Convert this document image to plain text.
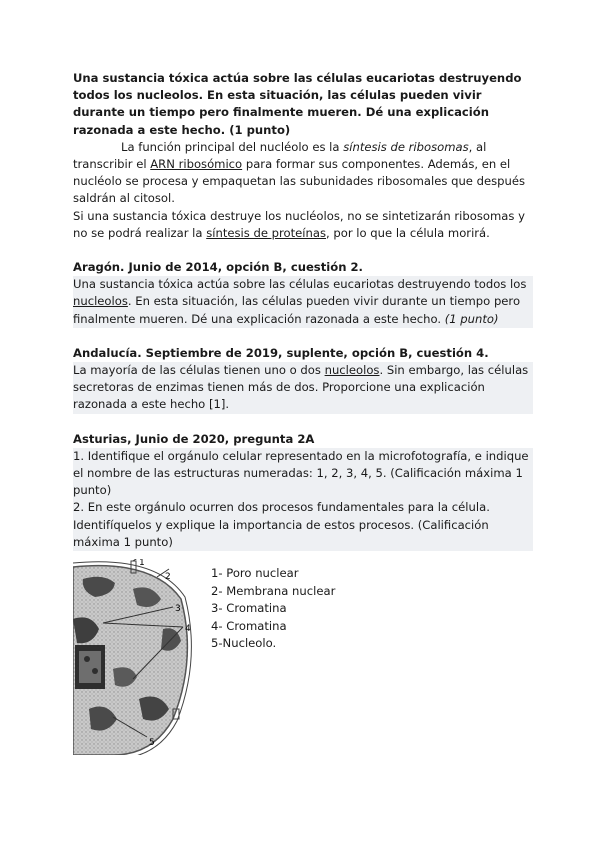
Una sustancia tóxica actúa sobre las células eucariotas destruyendo todos los nucleolos. En esta situación, las células pueden vivir durante un tiempo pero finalmente mueren. Dé una explicación razonada a este hecho. (1 punto)

La función principal del nucléolo es la síntesis de ribosomas, al transcribir el ARN ribosómico para formar sus componentes. Además, en el nucléolo se procesa y empaquetan las subunidades ribosomales que después saldrán al citosol.

Si una sustancia tóxica destruye los nucléolos, no se sintetizarán ribosomas y no se podrá realizar la síntesis de proteínas, por lo que la célula morirá.

Aragón. Junio de 2014, opción B, cuestión 2.

Una sustancia tóxica actúa sobre las células eucariotas destruyendo todos los nucleolos. En esta situación, las células pueden vivir durante un tiempo pero finalmente mueren. Dé una explicación razonada a este hecho. (1 punto)

Andalucía. Septiembre de 2019, suplente, opción B, cuestión 4.

La mayoría de las células tienen uno o dos nucleolos. Sin embargo, las células secretoras de enzimas tienen más de dos. Proporcione una explicación razonada a este hecho [1].

Asturias, Junio de 2020, pregunta 2A

1. Identifique el orgánulo celular representado en la microfotografía, e indique el nombre de las estructuras numeradas: 1, 2, 3, 4, 5. (Calificación máxima 1 punto)

2. En este orgánulo ocurren dos procesos fundamentales para la célula. Identifíquelos y explique la importancia de estos procesos. (Calificación máxima 1 punto)

1
2
3
4
5

1- Poro nuclear

2- Membrana nuclear

3- Cromatina

4- Cromatina

5-Nucleolo.
